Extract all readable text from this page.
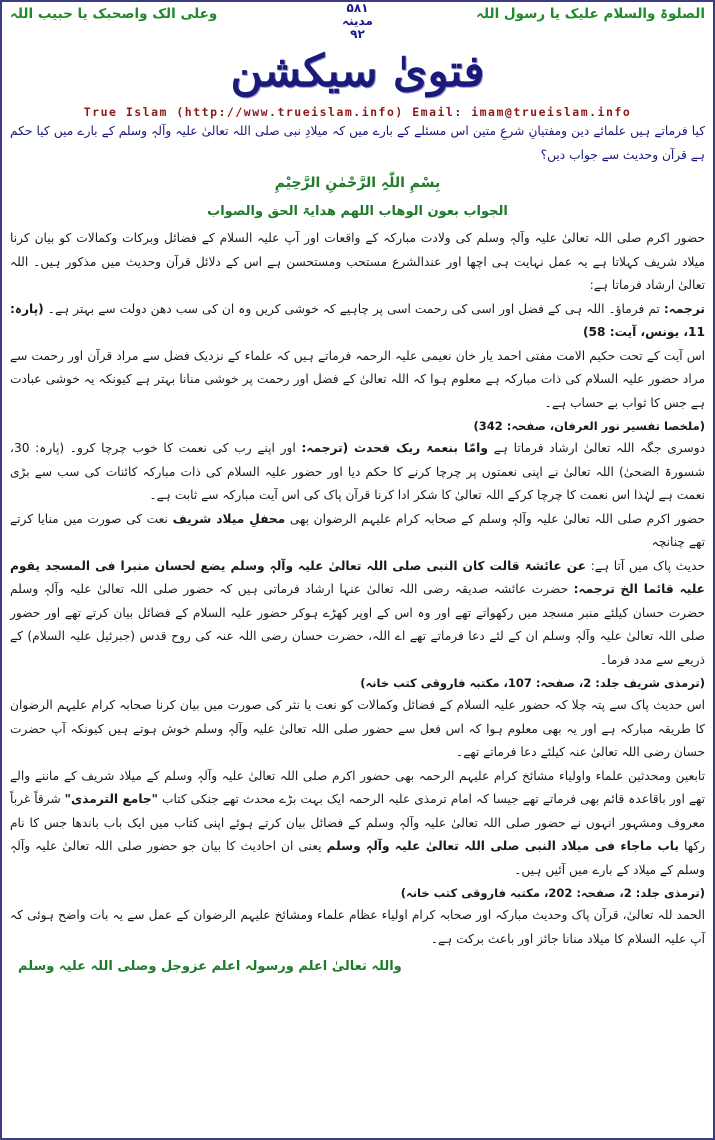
الصلوۃ والسلام علیک یا رسول اللہ
۵۸۱
مدینہ
۹۲
وعلی الک واصحبک یا حبیب اللہ
فتویٰ سیکشن
True Islam (http://www.trueislam.info) Email: imam@trueislam.info

کیا فرماتے ہیں علمائے دین ومفتیانِ شرعِ متین اس مسئلے کے بارے میں کہ میلادِ نبی صلی اللہ تعالیٰ علیہ وآلہٖ وسلم کے بارے میں کیا حکم ہے قرآن وحدیث سے جواب دیں؟

بِسْمِ اللّٰہِ الرَّحْمٰنِ الرَّحِیْمِ
الجواب بعون الوھاب اللھم ھدایۃ الحق والصواب

حضور اکرم صلی اللہ تعالیٰ علیہ وآلہٖ وسلم کی ولادت مبارکہ کے واقعات اور آپ علیہ السلام کے فضائل وبرکات وکمالات کو بیان کرنا میلاد شریف کہلاتا ہے یہ عمل نہایت ہی اچھا اور عندالشرع مستحب ومستحسن ہے اس کے دلائل قرآن وحدیث میں مذکور ہیں۔ اللہ تعالیٰ ارشاد فرماتا ہے:

ترجمہ: تم فرماؤ۔ اللہ ہی کے فضل اور اسی کی رحمت اسی پر چاہیے کہ خوشی کریں وہ ان کی سب دھن دولت سے بہتر ہے۔ (پارہ: 11، یونس، آیت: 58)

اس آیت کے تحت حکیم الامت مفتی احمد یار خان نعیمی علیہ الرحمہ فرماتے ہیں کہ علماء کے نزدیک فضل سے مراد قرآن اور رحمت سے مراد حضور علیہ السلام کی ذات مبارکہ ہے معلوم ہوا کہ اللہ تعالیٰ کے فضل اور رحمت پر خوشی منانا بہتر ہے کیونکہ یہ خوشی عبادت ہے جس کا ثواب بے حساب ہے۔

(ملخصا تفسیر نور العرفان، صفحہ: 342)

دوسری جگہ اللہ تعالیٰ ارشاد فرماتا ہے وامّا بنعمۃ ربک فحدث (ترجمہ: اور اپنے رب کی نعمت کا خوب چرچا کرو۔ (پارہ: 30، شسورۃ الضحیٰ) اللہ تعالیٰ نے اپنی نعمتوں پر چرچا کرنے کا حکم دیا اور حضور علیہ السلام کی ذات مبارکہ کائنات کی سب سے بڑی نعمت ہے لہٰذا اس نعمت کا چرچا کرکے اللہ تعالیٰ کا شکر ادا کرنا قرآن پاک کی اس آیت مبارکہ سے ثابت ہے۔

حضور اکرم صلی اللہ تعالیٰ علیہ وآلہٖ وسلم کے صحابہ کرام علیہم الرضوان بھی محفلِ میلاد شریف نعت کی صورت میں منایا کرتے تھے چنانچہ

حدیث پاک میں آتا ہے: عن عائشۃ قالت کان النبی صلی اللہ تعالیٰ علیہ وآلہٖ وسلم یضع لحسان منبرا فی المسجد یقوم علیہ قائما الخ ترجمہ: حضرت عائشہ صدیقہ رضی اللہ تعالیٰ عنہا ارشاد فرماتی ہیں کہ حضور صلی اللہ تعالیٰ علیہ وآلہٖ وسلم حضرت حسان کیلئے منبر مسجد میں رکھواتے تھے اور وہ اس کے اوپر کھڑے ہوکر حضور علیہ السلام کے فضائل بیان کرتے تھے اور حضور صلی اللہ تعالیٰ علیہ وآلہٖ وسلم ان کے لئے دعا فرماتے تھے اے اللہ، حضرت حسان رضی اللہ عنہ کی روح قدس (جبرئیل علیہ السلام) کے ذریعے سے مدد فرما۔

(ترمذی شریف جلد: 2، صفحہ: 107، مکتبہ فاروقی کتب خانہ)

اس حدیث پاک سے پتہ چلا کہ حضور علیہ السلام کے فضائل وکمالات کو نعت یا نثر کی صورت میں بیان کرنا صحابہ کرام علیہم الرضوان کا طریقہ مبارکہ ہے اور یہ بھی معلوم ہوا کہ اس فعل سے حضور صلی اللہ تعالیٰ علیہ وآلہٖ وسلم خوش ہوتے ہیں کیونکہ آپ حضرت حسان رضی اللہ تعالیٰ عنہ کیلئے دعا فرماتے تھے۔

تابعین ومحدثین علماء واولیاء مشائخ کرام علیہم الرحمہ بھی حضور اکرم صلی اللہ تعالیٰ علیہ وآلہٖ وسلم کے میلاد شریف کے ماننے والے تھے اور باقاعدہ قائم بھی فرماتے تھے جیسا کہ امام ترمذی علیہ الرحمہ ایک بہت بڑے محدث تھے جنکی کتاب "جامع الترمذی" شرقاً غرباً معروف ومشہور انہوں نے حضور صلی اللہ تعالیٰ علیہ وآلہٖ وسلم کے فضائل بیان کرتے ہوئے اپنی کتاب میں ایک باب باندھا جس کا نام رکھا باب ماجاء فی میلاد النبی صلی اللہ تعالیٰ علیہ وآلہٖ وسلم یعنی ان احادیث کا بیان جو حضور صلی اللہ تعالیٰ علیہ وآلہٖ وسلم کے میلاد کے بارے میں آئیں ہیں۔

(ترمذی جلد: 2، صفحہ: 202، مکتبہ فاروقی کتب خانہ)

الحمد للہ تعالیٰ، قرآن پاک وحدیث مبارکہ اور صحابہ کرام اولیاء عظام علماء ومشائخ علیہم الرضوان کے عمل سے یہ بات واضح ہوئی کہ آپ علیہ السلام کا میلاد منانا جائز اور باعث برکت ہے۔

واللہ تعالیٰ اعلم ورسولہ اعلم عزوجل وصلی اللہ علیہ وسلم
